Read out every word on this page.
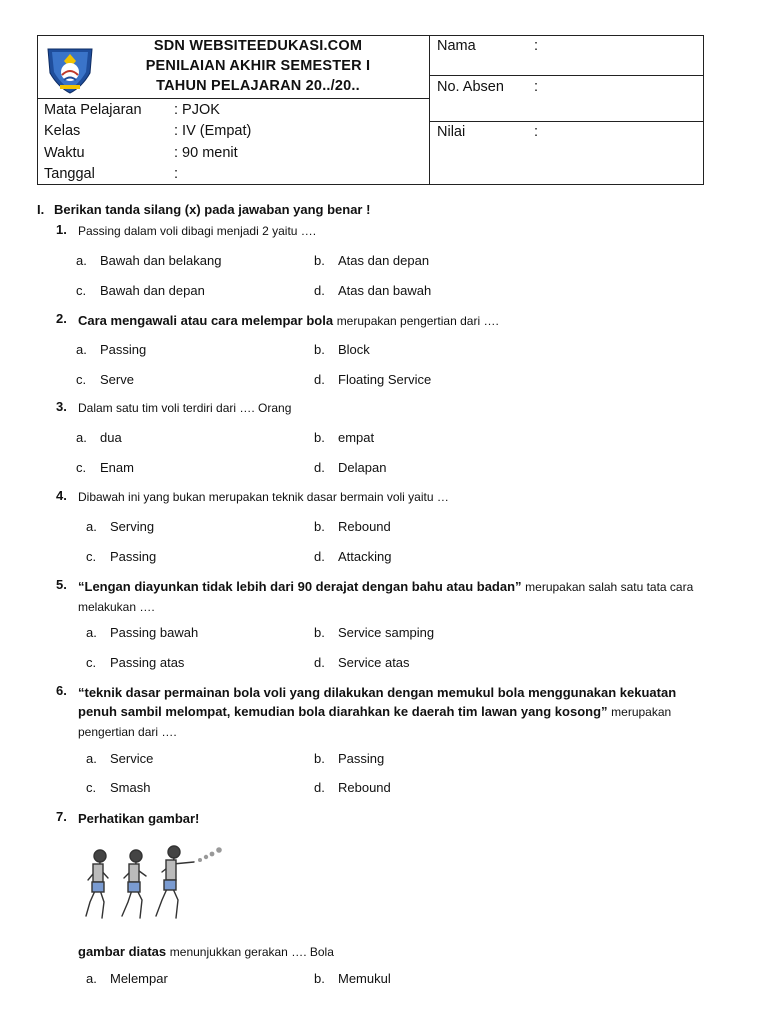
SDN WEBSITEEDUKASI.COM
PENILAIAN AKHIR SEMESTER I
TAHUN PELAJARAN 20../20..
Mata Pelajaran	: PJOK
Kelas	: IV (Empat)
Waktu	: 90 menit
Tanggal	:
Nama	:
No. Absen :
Nilai	:
I. Berikan tanda silang (x) pada jawaban yang benar !
1. Passing dalam voli dibagi menjadi 2 yaitu ….
a. Bawah dan belakang	b. Atas dan depan
c. Bawah dan depan	d. Atas dan bawah
2. Cara mengawali atau cara melempar bola merupakan pengertian dari ….
a. Passing	b. Block
c. Serve	d. Floating Service
3. Dalam satu tim voli terdiri dari …. Orang
a. dua	b. empat
c. Enam	d. Delapan
4. Dibawah ini yang bukan merupakan teknik dasar bermain voli yaitu …
a. Serving	b. Rebound
c. Passing	d. Attacking
5. “Lengan diayunkan tidak lebih dari 90 derajat dengan bahu atau badan” merupakan salah satu tata cara
melakukan ….
a. Passing bawah	b. Service samping
c. Passing atas	d. Service atas
6. “teknik dasar permainan bola voli yang dilakukan dengan memukul bola menggunakan kekuatan
penuh sambil melompat, kemudian bola diarahkan ke daerah tim lawan yang kosong” merupakan
pengertian dari ….
a. Service	b. Passing
c. Smash	d. Rebound
7. Perhatikan gambar!
gambar diatas menunjukkan gerakan …. Bola
a. Melempar	b. Memukul
